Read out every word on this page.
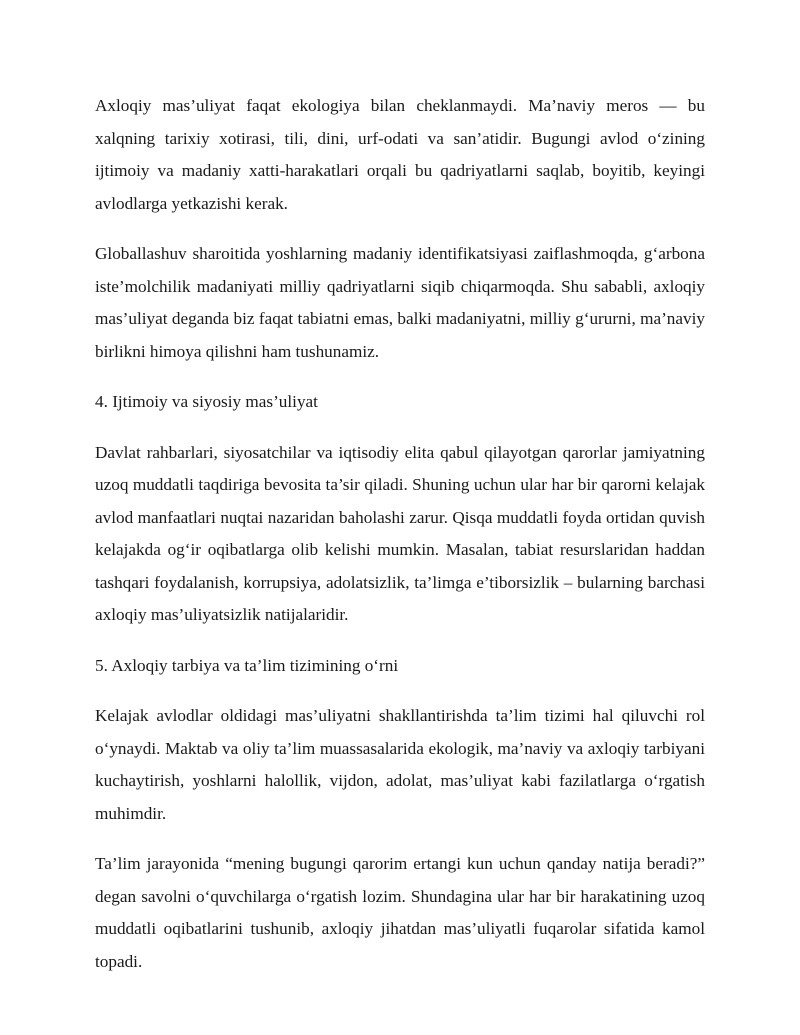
Axloqiy mas’uliyat faqat ekologiya bilan cheklanmaydi. Ma’naviy meros — bu xalqning tarixiy xotirasi, tili, dini, urf-odati va san’atidir. Bugungi avlod o‘zining ijtimoiy va madaniy xatti-harakatlari orqali bu qadriyatlarni saqlab, boyitib, keyingi avlodlarga yetkazishi kerak.

Globallashuv sharoitida yoshlarning madaniy identifikatsiyasi zaiflashmoqda, g‘arbona iste’molchilik madaniyati milliy qadriyatlarni siqib chiqarmoqda. Shu sababli, axloqiy mas’uliyat deganda biz faqat tabiatni emas, balki madaniyatni, milliy g‘ururni, ma’naviy birlikni himoya qilishni ham tushunamiz.

4. Ijtimoiy va siyosiy mas’uliyat

Davlat rahbarlari, siyosatchilar va iqtisodiy elita qabul qilayotgan qarorlar jamiyatning uzoq muddatli taqdiriga bevosita ta’sir qiladi. Shuning uchun ular har bir qarorni kelajak avlod manfaatlari nuqtai nazaridan baholashi zarur. Qisqa muddatli foyda ortidan quvish kelajakda og‘ir oqibatlarga olib kelishi mumkin. Masalan, tabiat resurslaridan haddan tashqari foydalanish, korrupsiya, adolatsizlik, ta’limga e’tiborsizlik – bularning barchasi axloqiy mas’uliyatsizlik natijalaridir.

5. Axloqiy tarbiya va ta’lim tizimining o‘rni

Kelajak avlodlar oldidagi mas’uliyatni shakllantirishda ta’lim tizimi hal qiluvchi rol o‘ynaydi. Maktab va oliy ta’lim muassasalarida ekologik, ma’naviy va axloqiy tarbiyani kuchaytirish, yoshlarni halollik, vijdon, adolat, mas’uliyat kabi fazilatlarga o‘rgatish muhimdir.

Ta’lim jarayonida “mening bugungi qarorim ertangi kun uchun qanday natija beradi?” degan savolni o‘quvchilarga o‘rgatish lozim. Shundagina ular har bir harakatining uzoq muddatli oqibatlarini tushunib, axloqiy jihatdan mas’uliyatli fuqarolar sifatida kamol topadi.
